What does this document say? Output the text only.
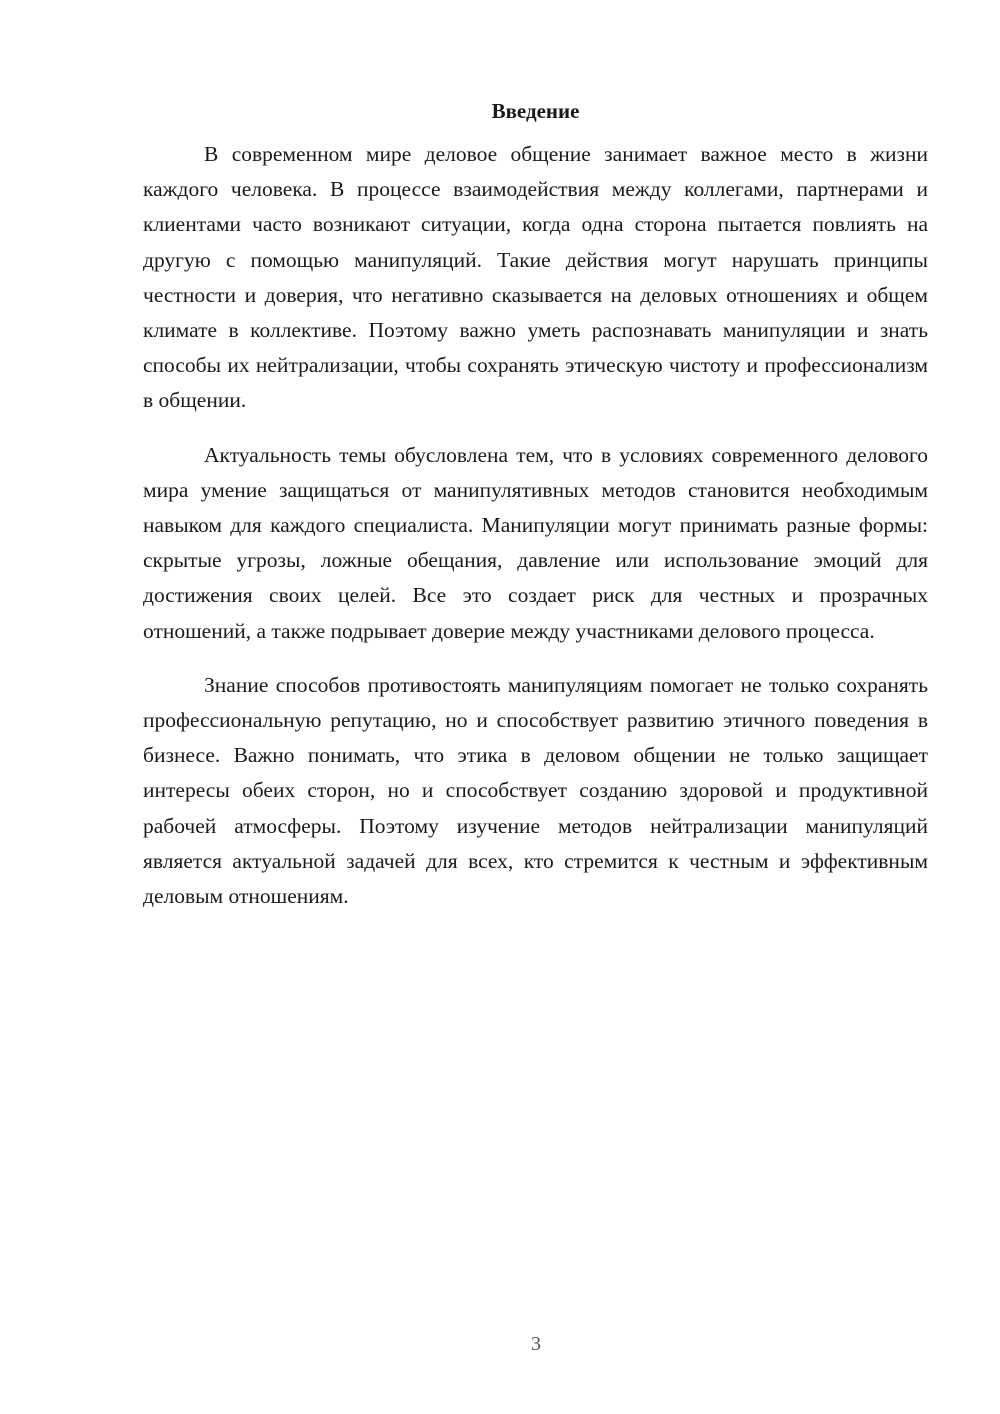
Введение

В современном мире деловое общение занимает важное место в жизни каждого человека. В процессе взаимодействия между коллегами, партнерами и клиентами часто возникают ситуации, когда одна сторона пытается повлиять на другую с помощью манипуляций. Такие действия могут нарушать принципы честности и доверия, что негативно сказывается на деловых отношениях и общем климате в коллективе. Поэтому важно уметь распознавать манипуляции и знать способы их нейтрализации, чтобы сохранять этическую чистоту и профессионализм в общении.

Актуальность темы обусловлена тем, что в условиях современного делового мира умение защищаться от манипулятивных методов становится необходимым навыком для каждого специалиста. Манипуляции могут принимать разные формы: скрытые угрозы, ложные обещания, давление или использование эмоций для достижения своих целей. Все это создает риск для честных и прозрачных отношений, а также подрывает доверие между участниками делового процесса.

Знание способов противостоять манипуляциям помогает не только сохранять профессиональную репутацию, но и способствует развитию этичного поведения в бизнесе. Важно понимать, что этика в деловом общении не только защищает интересы обеих сторон, но и способствует созданию здоровой и продуктивной рабочей атмосферы. Поэтому изучение методов нейтрализации манипуляций является актуальной задачей для всех, кто стремится к честным и эффективным деловым отношениям.

3
